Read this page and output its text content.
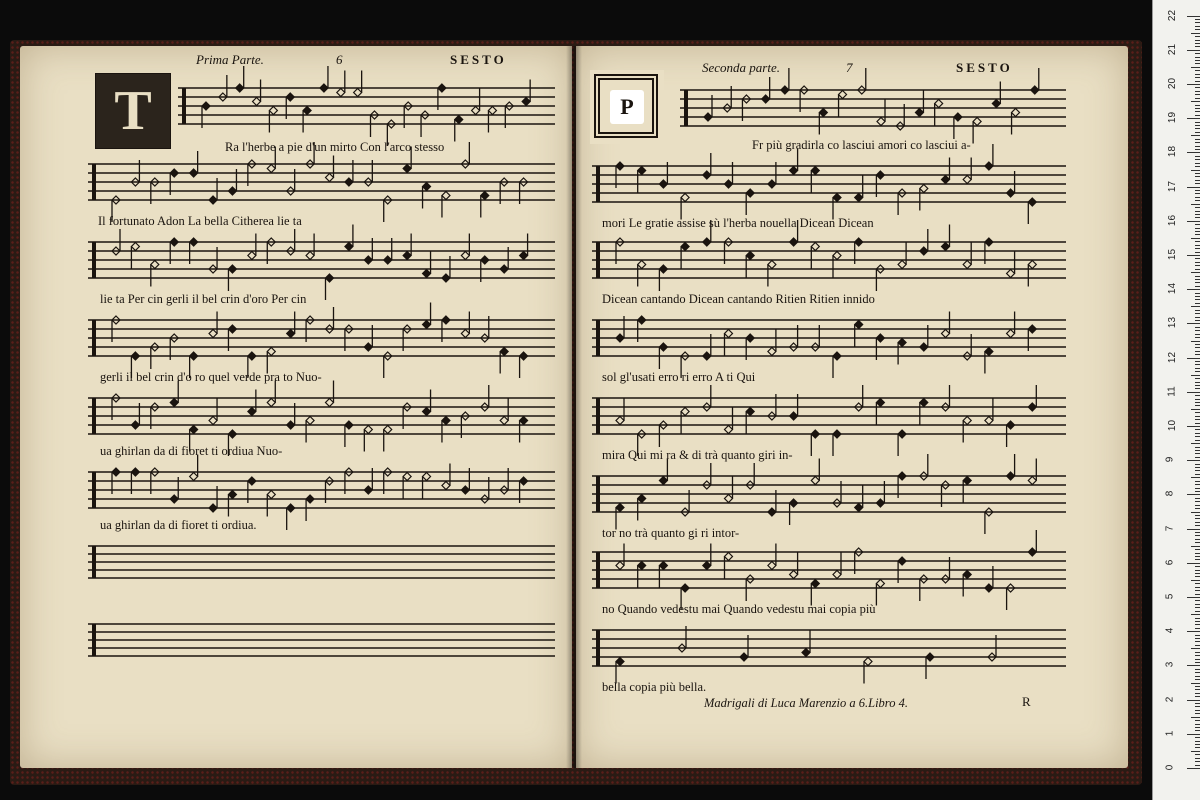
T
Prima Parte.	6	SESTO
Ra l'herbe a pie d'un mirto Con l'arco stesso
Il fortunato Adon La bella Citherea lie ta
lie ta Per cin gerli il bel crin d'oro Per cin
gerli il bel crin d'o ro quel verde pra to Nuo-
ua ghirlan da di fioret ti ordiua Nuo-
ua ghirlan da di fioret ti ordiua.
P
Seconda parte.	7	SESTO
Fr più gradirla co lasciui amori co lasciui a-
mori Le gratie assise sù l'herba nouella Dicean Dicean
Dicean cantando Dicean cantando Ritien Ritien innido
sol gl'usati erro ri erro A ti Qui
mira Qui mi ra & di trà quanto giri in-
tor no trà quanto gi ri intor-
no Quando vedestu mai Quando vedestu mai copia più
bella copia più bella.
Madrigali di Luca Marenzio a 6.Libro 4.	R
0
1
2
3
4
5
6
7
8
9
10
11
12
13
14
15
16
17
18
19
20
21
22
